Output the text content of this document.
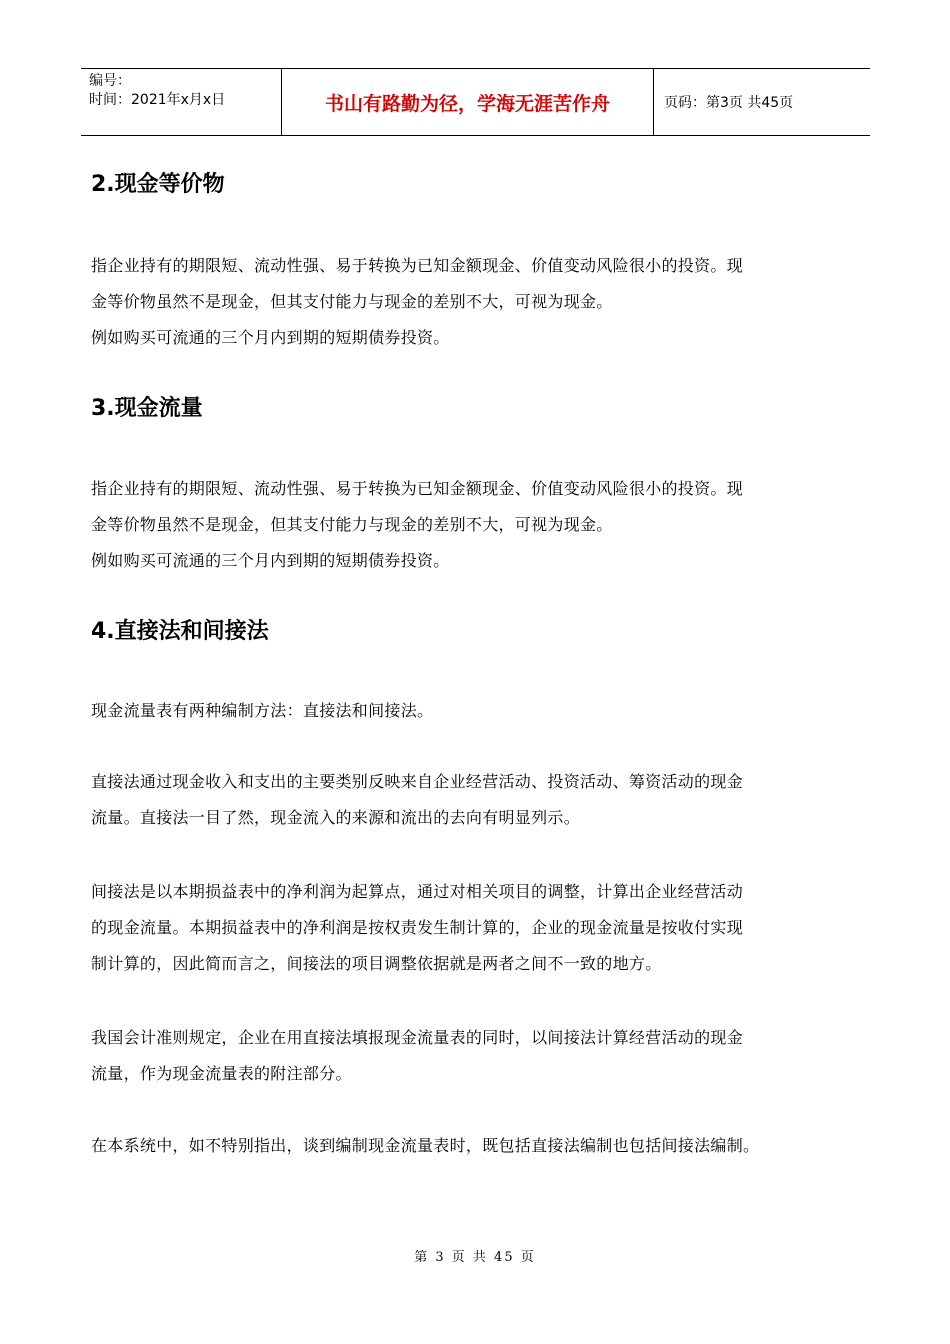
编号：
时间：2021年x月x日	书山有路勤为径，学海无涯苦作舟	页码：第3页 共45页
2.现金等价物

指企业持有的期限短、流动性强、易于转换为已知金额现金、价值变动风险很小的投资。现

金等价物虽然不是现金，但其支付能力与现金的差别不大，可视为现金。

例如购买可流通的三个月内到期的短期债券投资。

3.现金流量

指企业持有的期限短、流动性强、易于转换为已知金额现金、价值变动风险很小的投资。现

金等价物虽然不是现金，但其支付能力与现金的差别不大，可视为现金。

例如购买可流通的三个月内到期的短期债券投资。

4.直接法和间接法

现金流量表有两种编制方法：直接法和间接法。

直接法通过现金收入和支出的主要类别反映来自企业经营活动、投资活动、筹资活动的现金

流量。直接法一目了然，现金流入的来源和流出的去向有明显列示。

间接法是以本期损益表中的净利润为起算点，通过对相关项目的调整，计算出企业经营活动

的现金流量。本期损益表中的净利润是按权责发生制计算的，企业的现金流量是按收付实现

制计算的，因此简而言之，间接法的项目调整依据就是两者之间不一致的地方。

我国会计准则规定，企业在用直接法填报现金流量表的同时，以间接法计算经营活动的现金

流量，作为现金流量表的附注部分。

在本系统中，如不特别指出，谈到编制现金流量表时，既包括直接法编制也包括间接法编制。

第 3 页 共 45 页
